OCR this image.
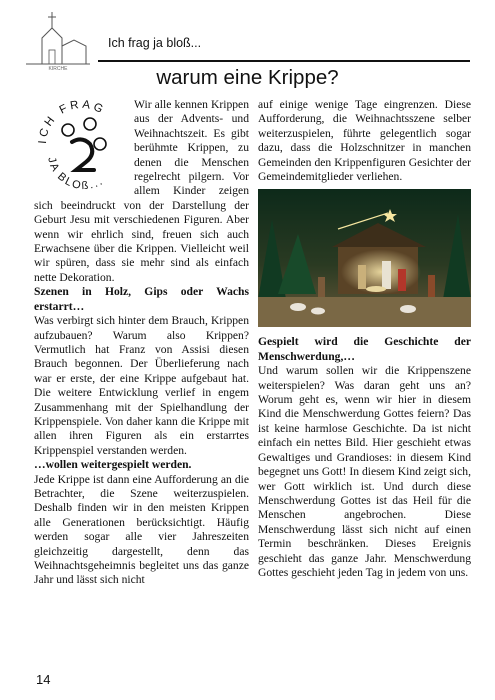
KIRCHE
Ich frag ja bloß...
warum eine Krippe?
ICH FRAG
JA BLOß...

Wir alle kennen Krippen aus der Advents- und Weihnachtszeit. Es gibt berühmte Krippen, zu denen die Menschen regelrecht pilgern. Vor allem Kinder zeigen sich beeindruckt von der Darstellung der Geburt Jesu mit verschiedenen Figuren. Aber wenn wir ehrlich sind, freuen sich auch Erwachsene über die Krippen. Vielleicht weil wir spüren, dass sie mehr sind als einfach nette Dekoration.

Szenen in Holz, Gips oder Wachs erstarrt…

Was verbirgt sich hinter dem Brauch, Krippen aufzubauen? Warum also Krippen? Vermutlich hat Franz von Assisi diesen Brauch begonnen. Der Überlieferung nach war er erste, der eine Krippe aufgebaut hat. Die weitere Entwicklung verlief in engem Zusammenhang mit der Spielhandlung der Krippenspiele. Von daher kann die Krippe mit allen ihren Figuren als ein erstarrtes Krippenspiel verstanden werden.

…wollen weitergespielt werden.

Jede Krippe ist dann eine Aufforderung an die Betrachter, die Szene weiterzuspielen. Deshalb finden wir in den meisten Krippen alle Generationen berücksichtigt. Häufig werden sogar alle vier Jahreszeiten gleichzeitig dargestellt, denn das Weihnachtsgeheimnis begleitet uns das ganze Jahr und lässt sich nicht

auf einige wenige Tage eingrenzen. Diese Aufforderung, die Weihnachtsszene selber weiterzuspielen, führte gelegentlich sogar dazu, dass die Holzschnitzer in manchen Gemeinden den Krippenfiguren Gesichter der Gemeindemitglieder verliehen.

Gespielt wird die Geschichte der Menschwerdung,…

Und warum sollen wir die Krippenszene weiterspielen? Was daran geht uns an? Worum geht es, wenn wir hier in diesem Kind die Menschwerdung Gottes feiern? Das ist keine harmlose Geschichte. Da ist nicht einfach ein nettes Bild. Hier geschieht etwas Gewaltiges und Grandioses: in diesem Kind begegnet uns Gott! In diesem Kind zeigt sich, wer Gott wirklich ist. Und durch diese Menschwerdung Gottes ist das Heil für die Menschen angebrochen. Diese Menschwerdung lässt sich nicht auf einen Termin beschränken. Dieses Ereignis geschieht das ganze Jahr. Menschwerdung Gottes geschieht jeden Tag in jedem von uns.

14
